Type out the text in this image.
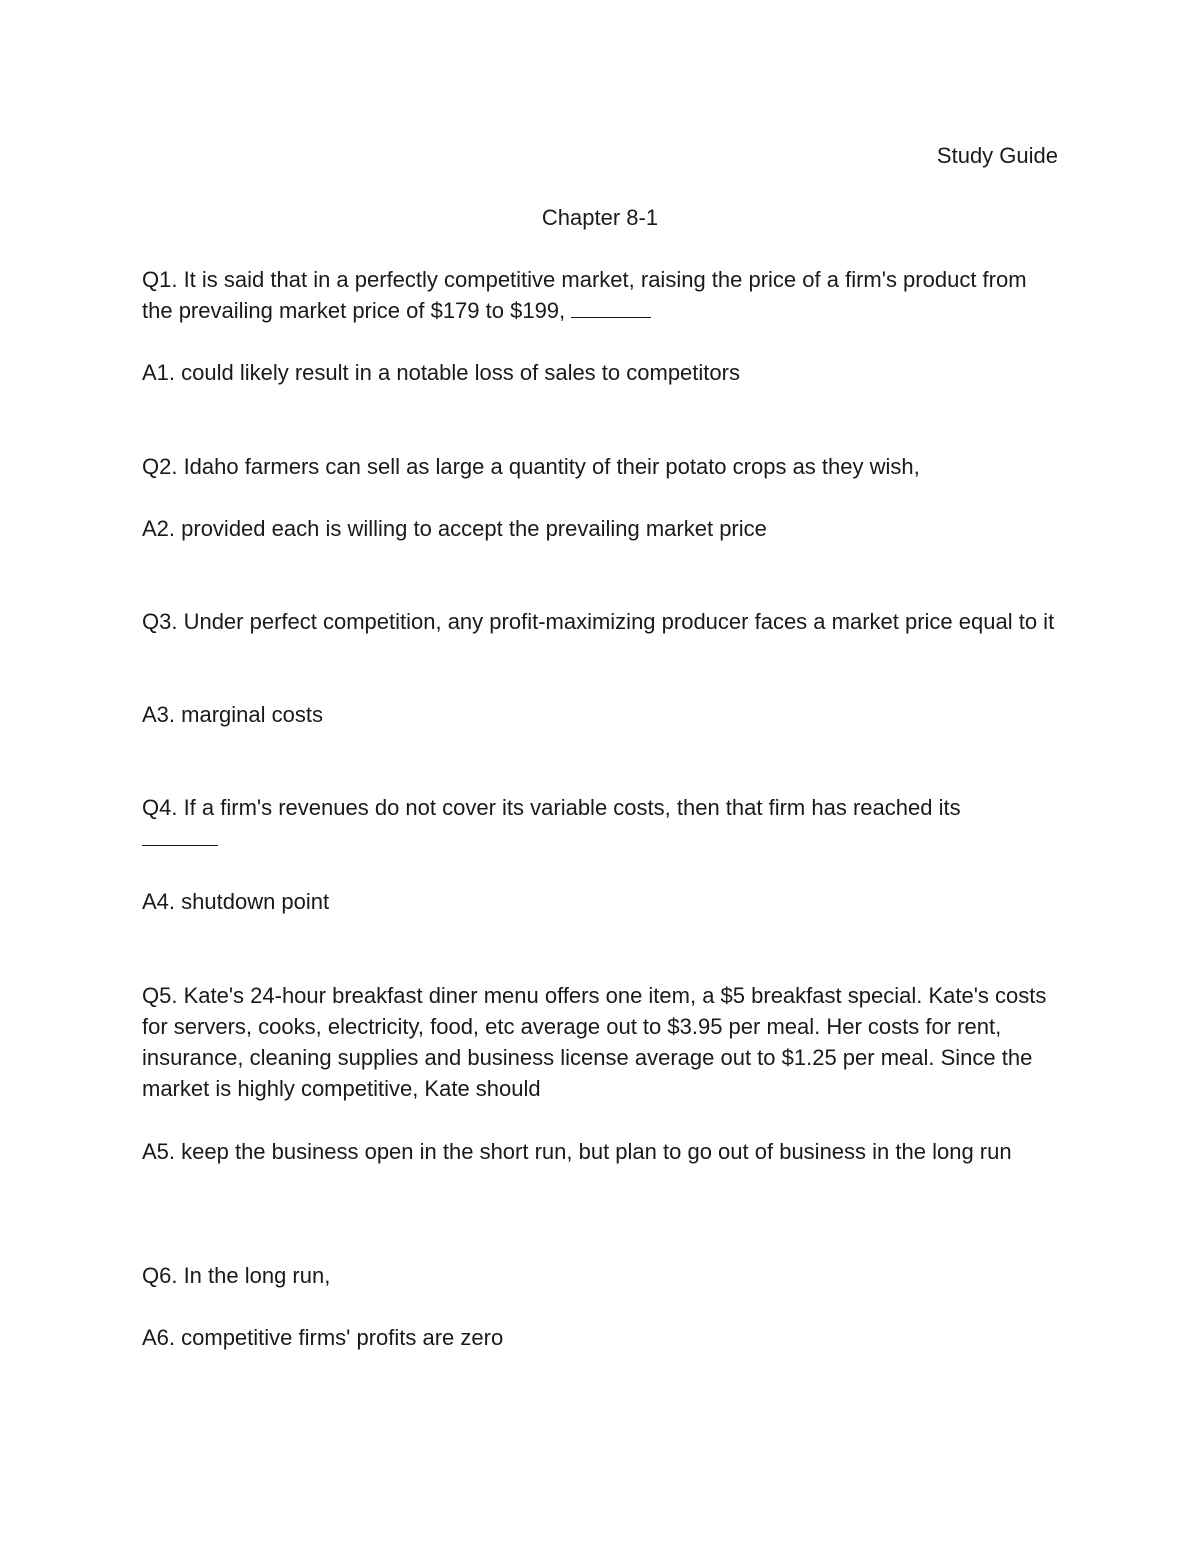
Study Guide
Chapter 8-1

Q1. It is said that in a perfectly competitive market, raising the price of a firm's product from the prevailing market price of $179 to $199,

A1. could likely result in a notable loss of sales to competitors

Q2. Idaho farmers can sell as large a quantity of their potato crops as they wish,

A2. provided each is willing to accept the prevailing market price

Q3. Under perfect competition, any profit-maximizing producer faces a market price equal to it

A3. marginal costs

Q4. If a firm's revenues do not cover its variable costs, then that firm has reached its

A4. shutdown point

Q5. Kate's 24-hour breakfast diner menu offers one item, a $5 breakfast special. Kate's costs for servers, cooks, electricity, food, etc average out to $3.95 per meal. Her costs for rent, insurance, cleaning supplies and business license average out to $1.25 per meal. Since the market is highly competitive, Kate should

A5. keep the business open in the short run, but plan to go out of business in the long run

Q6. In the long run,

A6. competitive firms' profits are zero
